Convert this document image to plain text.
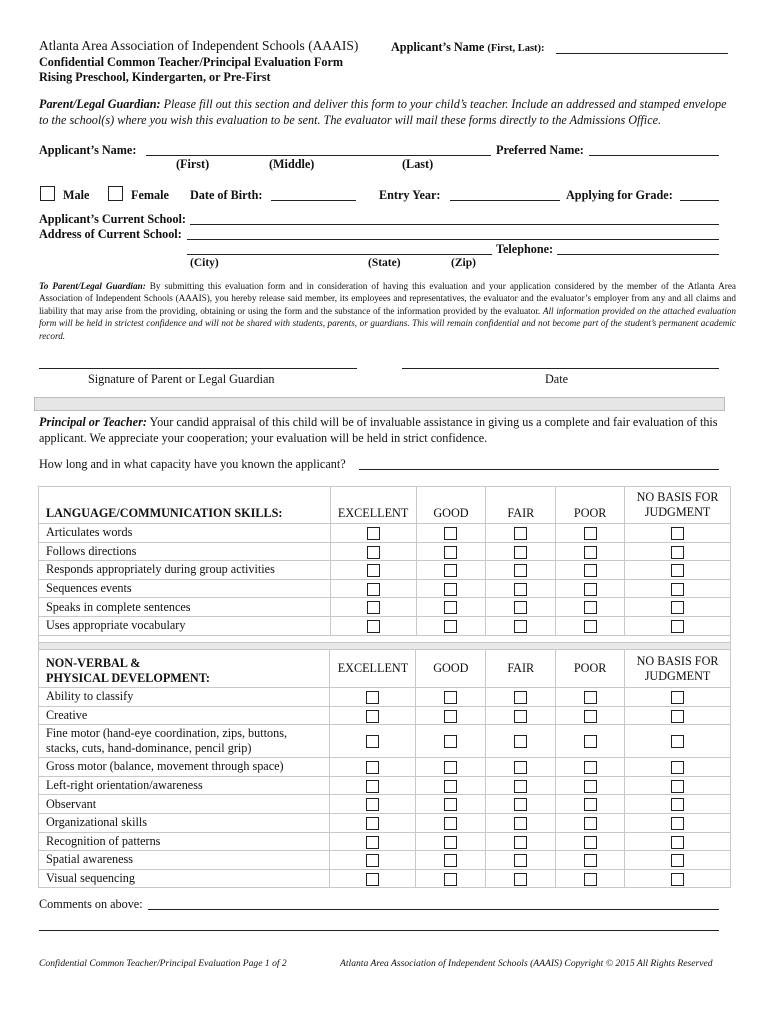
Atlanta Area Association of Independent Schools (AAAIS)
Confidential Common Teacher/Principal Evaluation Form
Rising Preschool, Kindergarten, or Pre-First
Applicant’s Name (First, Last):
Parent/Legal Guardian: Please fill out this section and deliver this form to your child’s teacher. Include an addressed and stamped envelope to the school(s) where you wish this evaluation to be sent. The evaluator will mail these forms directly to the Admissions Office.
Applicant’s Name:	Preferred Name:
(First)	(Middle)	(Last)
Male	Female Date of Birth:	Entry Year:	Applying for Grade:
Applicant’s Current School:
Address of Current School:
Telephone:
(City)	(State)	(Zip)
To Parent/Legal Guardian: By submitting this evaluation form and in consideration of having this evaluation and your application considered by the member of the Atlanta Area Association of Independent Schools (AAAIS), you hereby release said member, its employees and representatives, the evaluator and the evaluator’s employer from any and all claims and liability that may arise from the providing, obtaining or using the form and the substance of the information provided by the evaluator. All information provided on the attached evaluation form will be held in strictest confidence and will not be shared with students, parents, or guardians. This will remain confidential and not become part of the student’s permanent academic record.
Signature of Parent or Legal Guardian	Date
Principal or Teacher: Your candid appraisal of this child will be of invaluable assistance in giving us a complete and fair evaluation of this applicant. We appreciate your cooperation; your evaluation will be held in strict confidence.
How long and in what capacity have you known the applicant?
LANGUAGE/COMMUNICATION SKILLS:	EXCELLENT	GOOD	FAIR	POOR	NO BASIS FOR JUDGMENT
Articulates words					
Follows directions					
Responds appropriately during group activities					
Sequences events					
Speaks in complete sentences					
Uses appropriate vocabulary					

NON-VERBAL &
PHYSICAL DEVELOPMENT:	EXCELLENT	GOOD	FAIR	POOR	NO BASIS FOR JUDGMENT
Ability to classify					
Creative					
Fine motor (hand-eye coordination, zips, buttons, stacks, cuts, hand-dominance, pencil grip)					
Gross motor (balance, movement through space)					
Left-right orientation/awareness					
Observant					
Organizational skills					
Recognition of patterns					
Spatial awareness					
Visual sequencing					
Comments on above:
Confidential Common Teacher/Principal Evaluation Page 1 of 2	Atlanta Area Association of Independent Schools (AAAIS) Copyright © 2015 All Rights Reserved
